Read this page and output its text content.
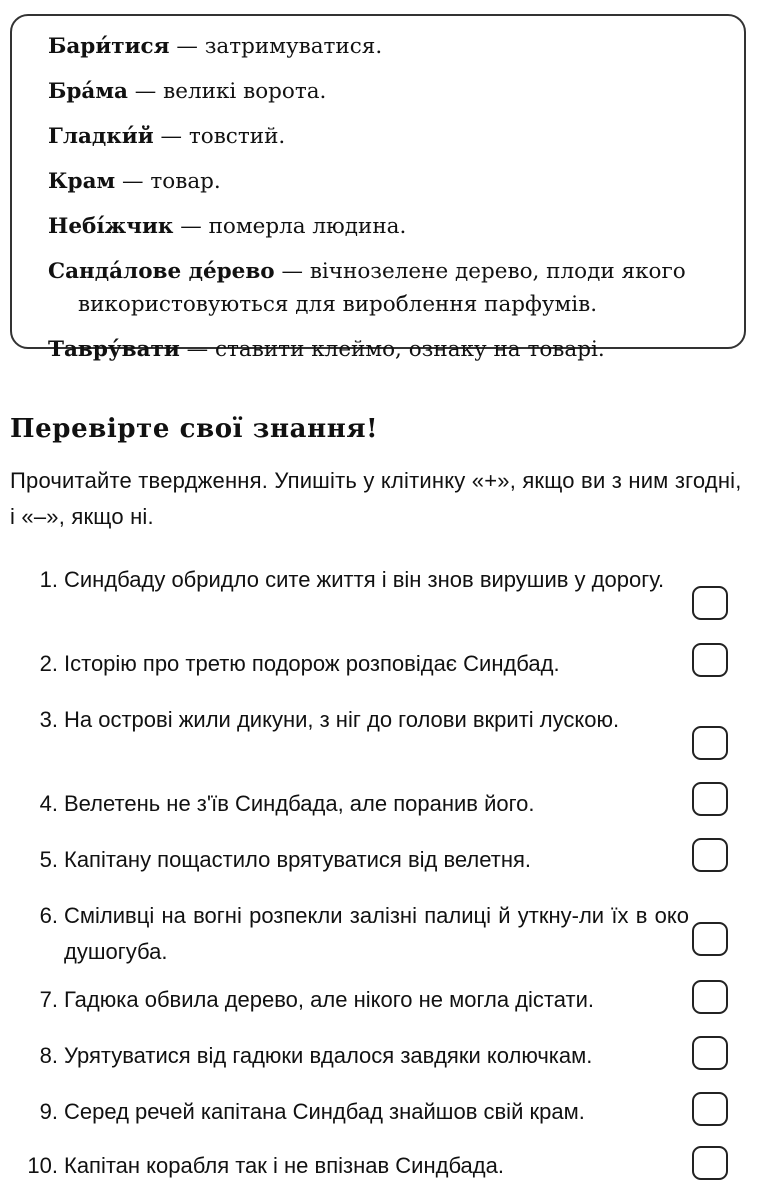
Бари́тися — затримуватися.
Бра́ма — великі ворота.
Гладки́й — товстий.
Крам — товар.
Небі́жчик — померла людина.
Санда́лове де́рево — вічнозелене дерево, плоди якого використовуються для вироблення парфумів.
Тавру́вати — ставити клеймо, ознаку на товарі.
Перевірте свої знання!

Прочитайте твердження. Упишіть у клітинку «+», якщо ви з ним згодні, і «–», якщо ні.

1. Синдбаду обридло сите життя і він знов вирушив у дорогу.
2. Історію про третю подорож розповідає Синдбад.
3. На острові жили дикуни, з ніг до голови вкриті лускою.
4. Велетень не з'їв Синдбада, але поранив його.
5. Капітану пощастило врятуватися від велетня.
6. Сміливці на вогні розпекли залізні палиці й уткну-ли їх в око душогуба.
7. Гадюка обвила дерево, але нікого не могла дістати.
8. Урятуватися від гадюки вдалося завдяки колючкам.
9. Серед речей капітана Синдбад знайшов свій крам.
10. Капітан корабля так і не впізнав Синдбада.
